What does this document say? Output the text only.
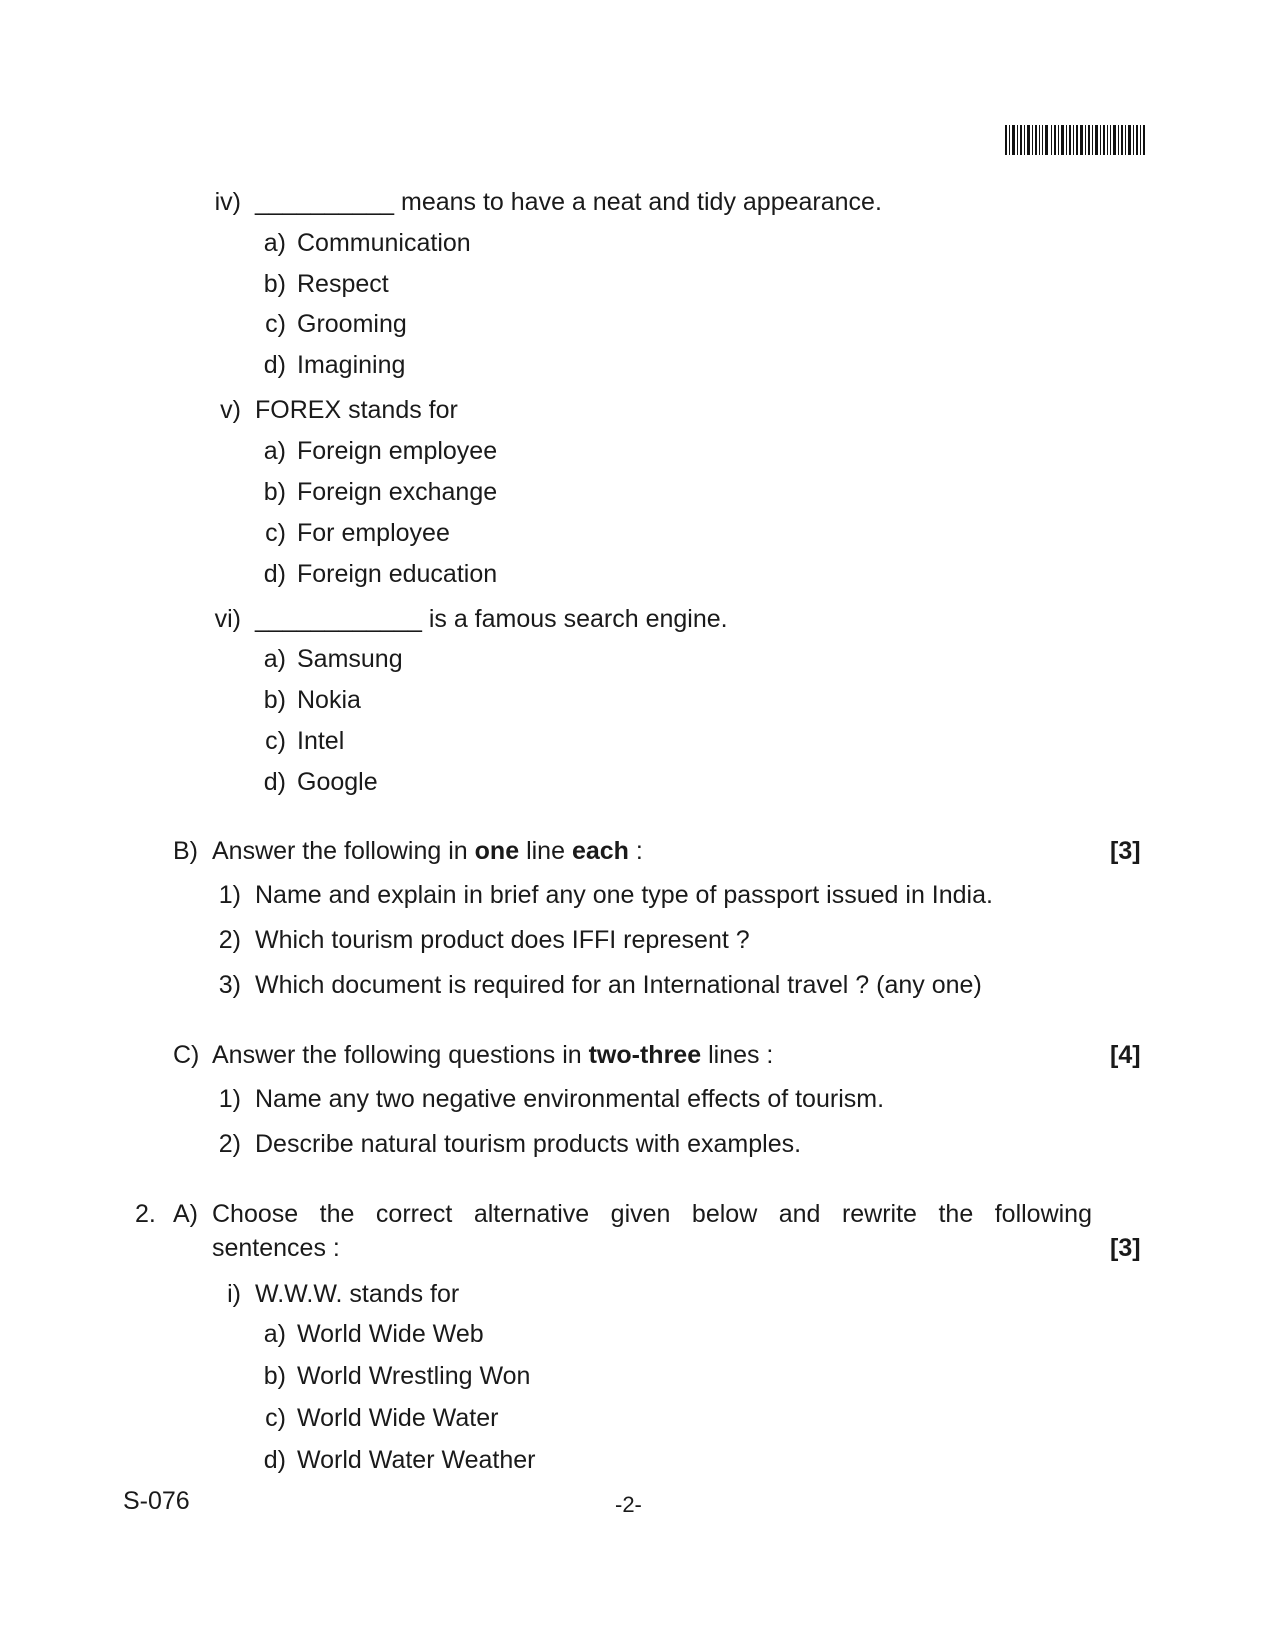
iv) __________ means to have a neat and tidy appearance.
a) Communication
b) Respect
c) Grooming
d) Imagining
v) FOREX stands for
a) Foreign employee
b) Foreign exchange
c) For employee
d) Foreign education
vi) ____________ is a famous search engine.
a) Samsung
b) Nokia
c) Intel
d) Google
B) Answer the following in one line each :	[3]
1) Name and explain in brief any one type of passport issued in India.
2) Which tourism product does IFFI represent ?
3) Which document is required for an International travel ? (any one)
C) Answer the following questions in two-three lines :	[4]
1) Name any two negative environmental effects of tourism.
2) Describe natural tourism products with examples.
2. A) Choose the correct alternative given below and rewrite the following
sentences :	[3]
i) W.W.W. stands for
a) World Wide Web
b) World Wrestling Won
c) World Wide Water
d) World Water Weather
S-076	-2-
